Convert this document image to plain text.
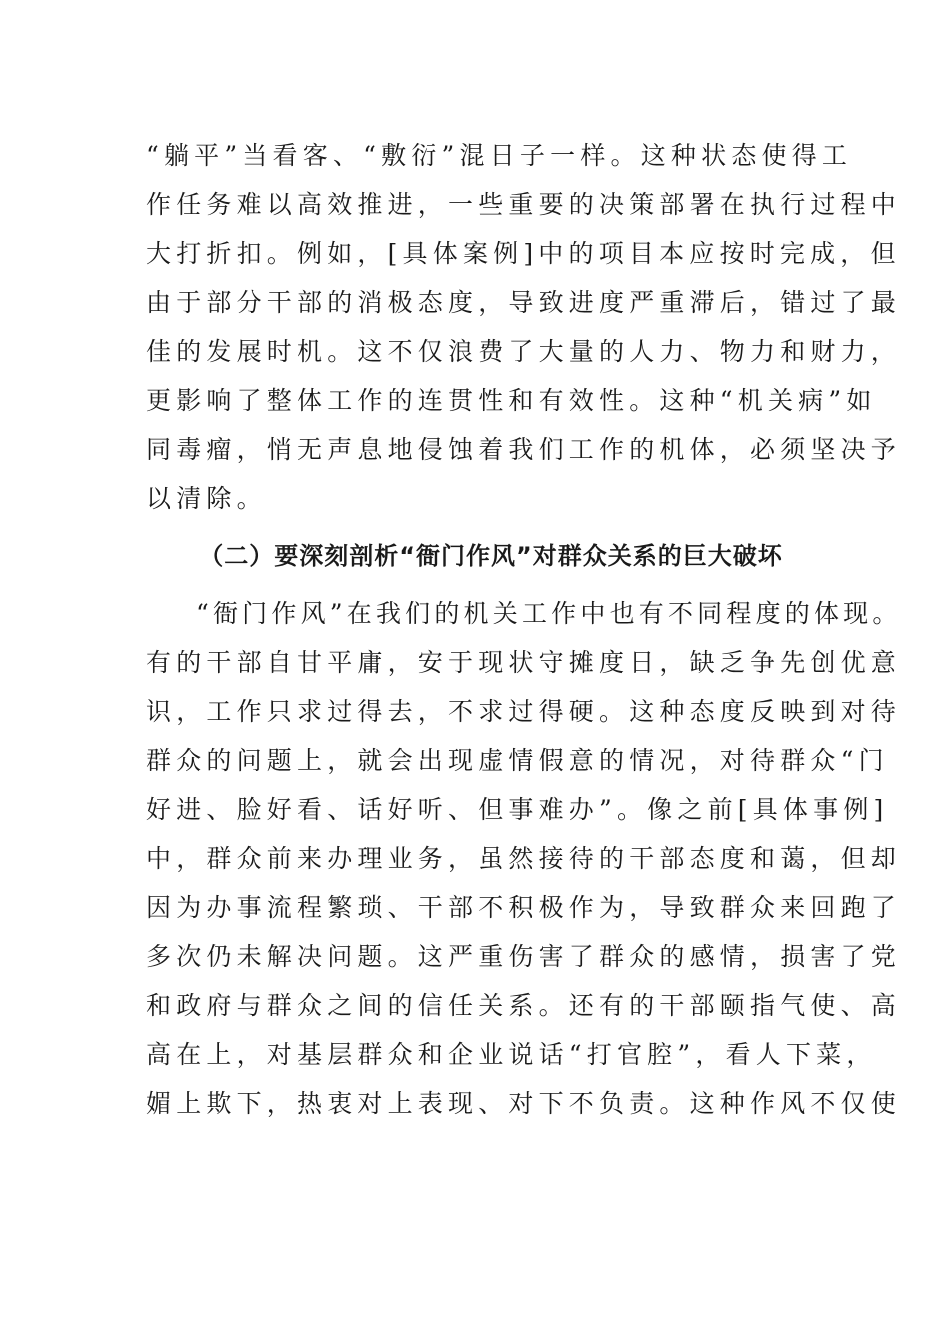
“躺平”当看客、“敷衍”混日子一样。这种状态使得工
作任务难以高效推进，一些重要的决策部署在执行过程中
大打折扣。例如，[具体案例]中的项目本应按时完成，但
由于部分干部的消极态度，导致进度严重滞后，错过了最
佳的发展时机。这不仅浪费了大量的人力、物力和财力，
更影响了整体工作的连贯性和有效性。这种“机关病”如
同毒瘤，悄无声息地侵蚀着我们工作的机体，必须坚决予
以清除。
（二）要深刻剖析“衙门作风”对群众关系的巨大破坏
“衙门作风”在我们的机关工作中也有不同程度的体现。
有的干部自甘平庸，安于现状守摊度日，缺乏争先创优意
识，工作只求过得去，不求过得硬。这种态度反映到对待
群众的问题上，就会出现虚情假意的情况，对待群众“门
好进、脸好看、话好听、但事难办”。像之前[具体事例]
中，群众前来办理业务，虽然接待的干部态度和蔼，但却
因为办事流程繁琐、干部不积极作为，导致群众来回跑了
多次仍未解决问题。这严重伤害了群众的感情，损害了党
和政府与群众之间的信任关系。还有的干部颐指气使、高
高在上，对基层群众和企业说话“打官腔”，看人下菜，
媚上欺下，热衷对上表现、对下不负责。这种作风不仅使
